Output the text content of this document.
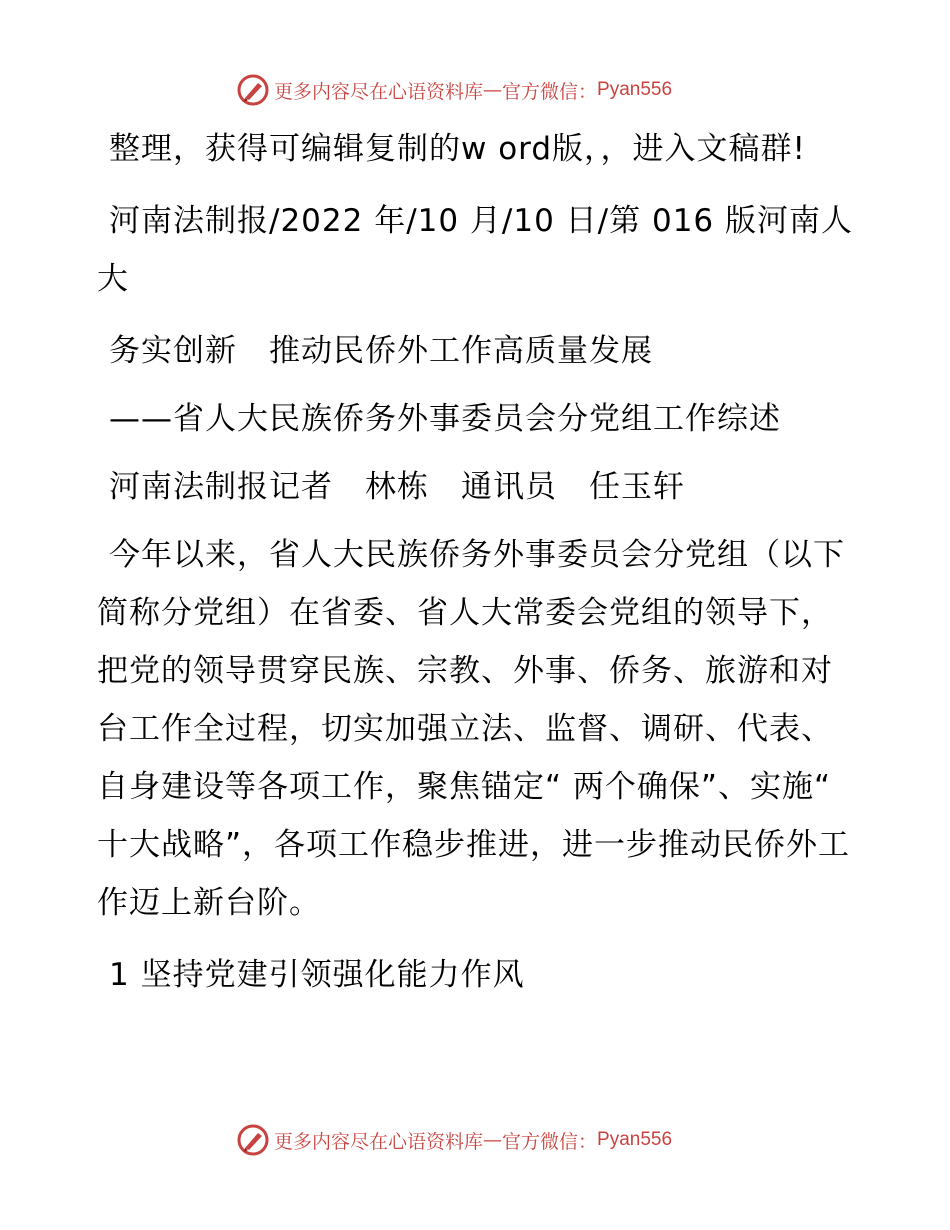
更多内容尽在心语资料库 — 官方微信： Pyan556

整理，获得可编辑复制的w ord版，，进入文稿群!

河南法制报/2022 年/10 月/10 日/第 016 版河南人大

务实创新　推动民侨外工作高质量发展

——省人大民族侨务外事委员会分党组工作综述

河南法制报记者　林栋　通讯员　任玉轩

今年以来，省人大民族侨务外事委员会分党组（以下简称分党组）在省委、省人大常委会党组的领导下，把党的领导贯穿民族、宗教、外事、侨务、旅游和对台工作全过程，切实加强立法、监督、调研、代表、自身建设等各项工作，聚焦锚定“ 两个确保”、实施“ 十大战略”，各项工作稳步推进，进一步推动民侨外工作迈上新台阶。

1 坚持党建引领强化能力作风

更多内容尽在心语资料库 — 官方微信： Pyan556
